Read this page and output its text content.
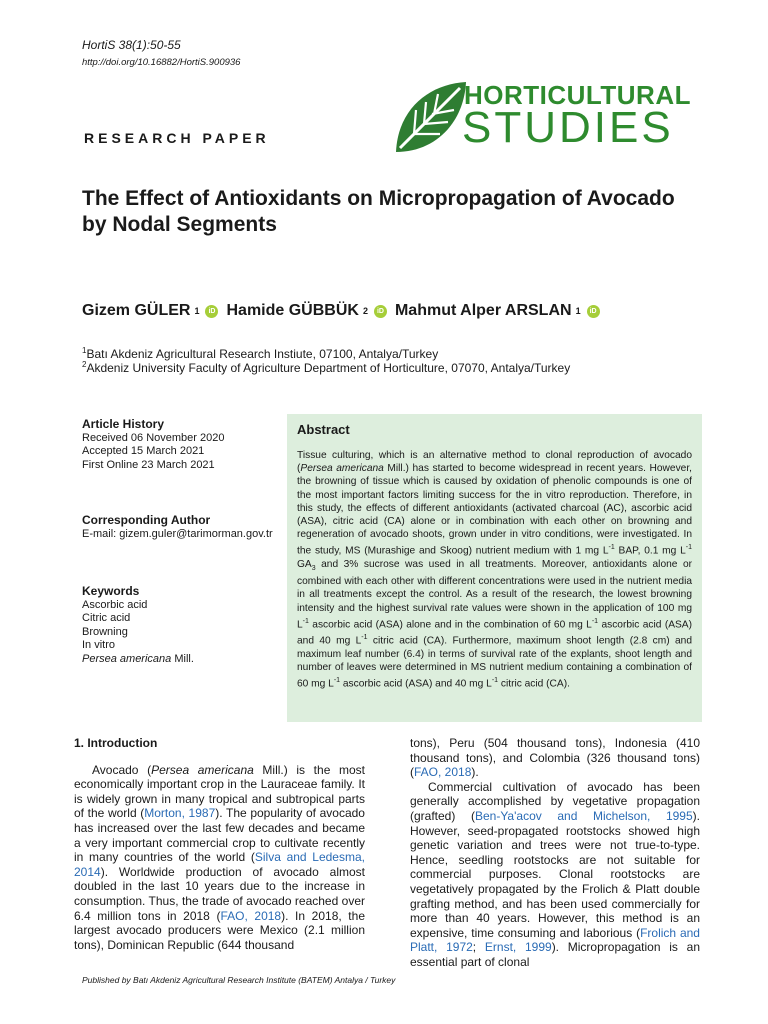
HortiS 38(1):50-55
http://doi.org/10.16882/HortiS.900936
HORTICULTURAL
STUDIES
RESEARCH PAPER
The Effect of Antioxidants on Micropropagation of Avocado by Nodal Segments
Gizem GÜLER 1	iD Hamide GÜBBÜK 2	iD Mahmut Alper ARSLAN 1	iD
$^1$Batı Akdeniz Agricultural Research Instiute, 07100, Antalya/Turkey
$^2$Akdeniz University Faculty of Agriculture Department of Horticulture, 07070, Antalya/Turkey
Article History
Received 06 November 2020
Accepted 15 March 2021
First Online 23 March 2021
Corresponding Author
E-mail: gizem.guler@tarimorman.gov.tr
Keywords
Ascorbic acid
Citric acid
Browning
In vitro
Persea americana Mill.
Abstract

Tissue culturing, which is an alternative method to clonal reproduction of avocado (Persea americana Mill.) has started to become widespread in recent years. However, the browning of tissue which is caused by oxidation of phenolic compounds is one of the most important factors limiting success for the in vitro reproduction. Therefore, in this study, the effects of different antioxidants (activated charcoal (AC), ascorbic acid (ASA), citric acid (CA) alone or in combination with each other on browning and regeneration of avocado shoots, grown under in vitro conditions, were investigated. In the study, MS (Murashige and Skoog) nutrient medium with 1 mg $L^{-1}$ BAP, 0.1 mg $L^{-1}$ $GA_3$ and 3% sucrose was used in all treatments. Moreover, antioxidants alone or combined with each other with different concentrations were used in the nutrient media in all treatments except the control. As a result of the research, the lowest browning intensity and the highest survival rate values were shown in the application of 100 mg $L^{-1}$ ascorbic acid (ASA) alone and in the combination of 60 mg $L^{-1}$ ascorbic acid (ASA) and 40 mg $L^{-1}$ citric acid (CA). Furthermore, maximum shoot length (2.8 cm) and maximum leaf number (6.4) in terms of survival rate of the explants, shoot length and number of leaves were determined in MS nutrient medium containing a combination of 60 mg $L^{-1}$ ascorbic acid (ASA) and 40 mg $L^{-1}$ citric acid (CA).

1. Introduction

Avocado (Persea americana Mill.) is the most economically important crop in the Lauraceae family. It is widely grown in many tropical and subtropical parts of the world (Morton, 1987). The popularity of avocado has increased over the last few decades and became a very important commercial crop to cultivate recently in many countries of the world (Silva and Ledesma, 2014). Worldwide production of avocado almost doubled in the last 10 years due to the increase in consumption. Thus, the trade of avocado reached over 6.4 million tons in 2018 (FAO, 2018). In 2018, the largest avocado producers were Mexico (2.1 million tons), Dominican Republic (644 thousand

tons), Peru (504 thousand tons), Indonesia (410 thousand tons), and Colombia (326 thousand tons) (FAO, 2018).

Commercial cultivation of avocado has been generally accomplished by vegetative propagation (grafted) (Ben-Ya'acov and Michelson, 1995). However, seed-propagated rootstocks showed high genetic variation and trees were not true-to-type. Hence, seedling rootstocks are not suitable for commercial purposes. Clonal rootstocks are vegetatively propagated by the Frolich & Platt double grafting method, and has been used commercially for more than 40 years. However, this method is an expensive, time consuming and laborious (Frolich and Platt, 1972; Ernst, 1999). Micropropagation is an essential part of clonal

Published by Batı Akdeniz Agricultural Research Institute (BATEM) Antalya / Turkey
